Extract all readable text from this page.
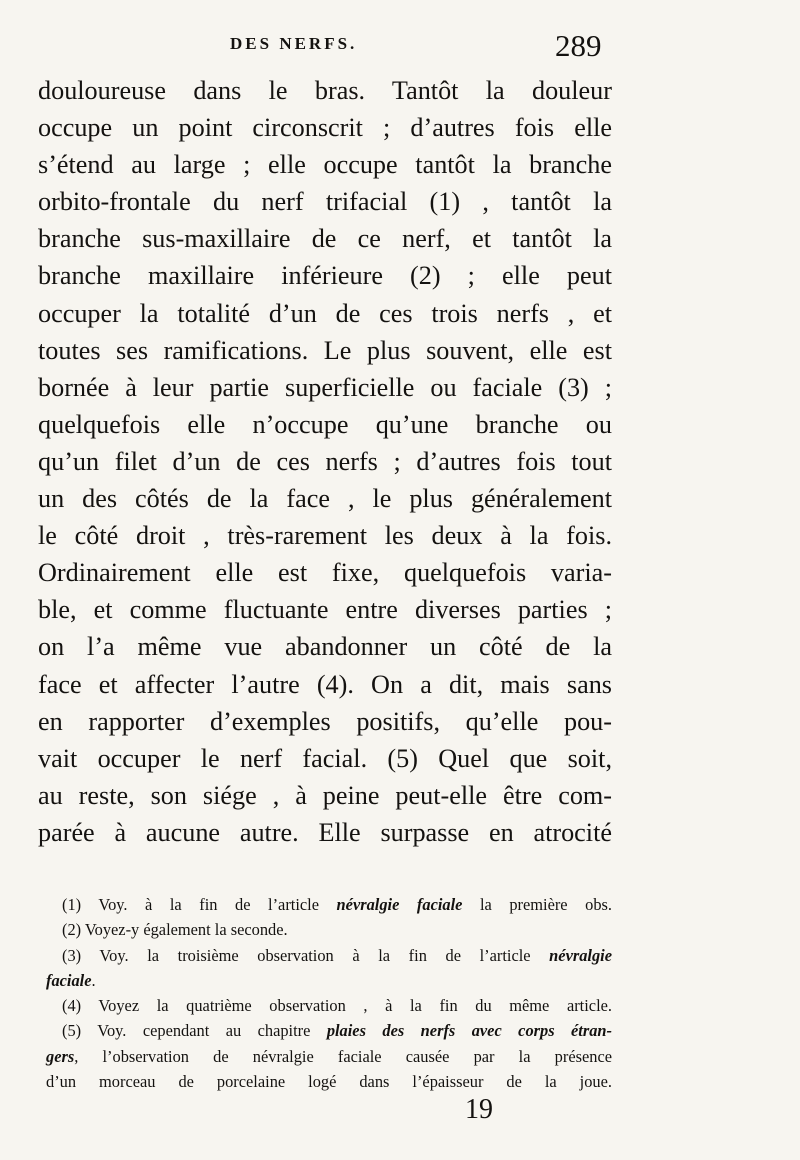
DES NERFS.	289
douloureuse dans le bras. Tantôt la douleur
occupe un point circonscrit ; d’autres fois elle
s’étend au large ; elle occupe tantôt la branche
orbito-frontale du nerf trifacial (1) , tantôt la
branche sus-maxillaire de ce nerf, et tantôt la
branche maxillaire inférieure (2) ; elle peut
occuper la totalité d’un de ces trois nerfs , et
toutes ses ramifications. Le plus souvent, elle est
bornée à leur partie superficielle ou faciale (3) ;
quelquefois elle n’occupe qu’une branche ou
qu’un filet d’un de ces nerfs ; d’autres fois tout
un des côtés de la face , le plus généralement
le côté droit , très-rarement les deux à la fois.
Ordinairement elle est fixe, quelquefois varia-
ble, et comme fluctuante entre diverses parties ;
on l’a même vue abandonner un côté de la
face et affecter l’autre (4). On a dit, mais sans
en rapporter d’exemples positifs, qu’elle pou-
vait occuper le nerf facial. (5) Quel que soit,
au reste, son siége , à peine peut-elle être com-
parée à aucune autre. Elle surpasse en atrocité
(1) Voy. à la fin de l’article névralgie faciale la première obs.
(2) Voyez-y également la seconde.
(3) Voy. la troisième observation à la fin de l’article névralgie
faciale.
(4) Voyez la quatrième observation , à la fin du même article.
(5) Voy. cependant au chapitre plaies des nerfs avec corps étran-
gers, l’observation de névralgie faciale causée par la présence
d’un morceau de porcelaine logé dans l’épaisseur de la joue.
19
